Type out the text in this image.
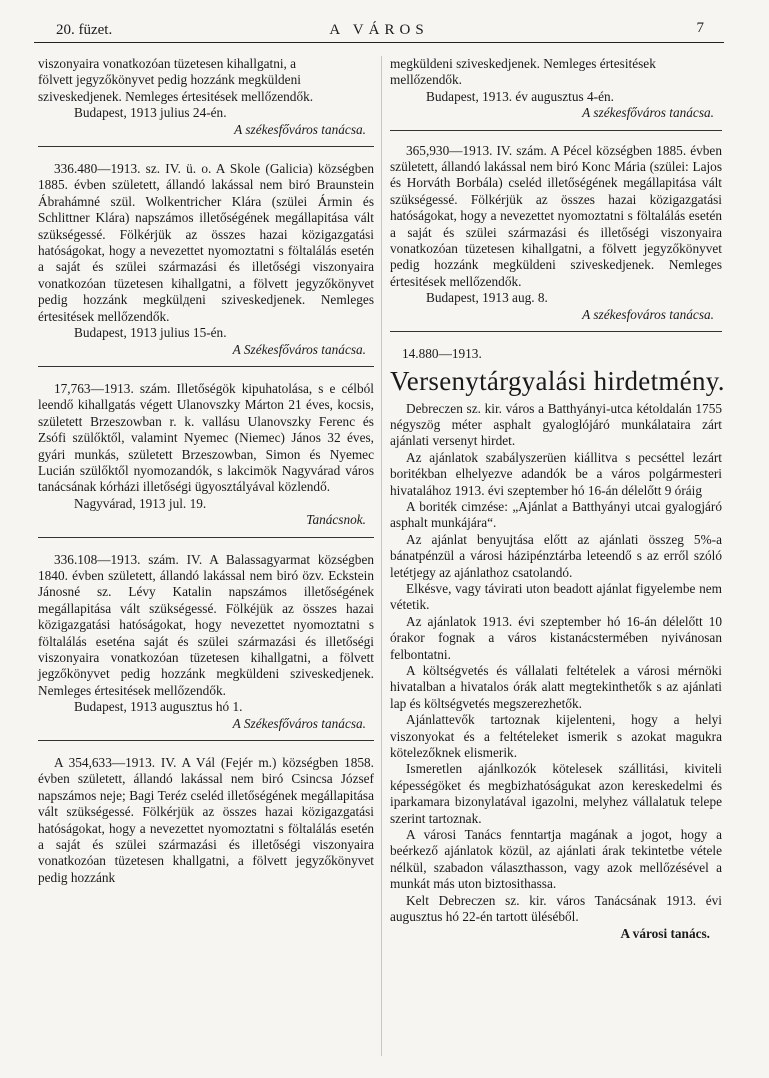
20. füzet.	A VÁROS	7

viszonyaira vonatkozóan tüzetesen kihallgatni, a

fölvett jegyzőkönyvet pedig hozzánk megküldeni

sziveskedjenek. Nemleges értesitések mellőzendők.

Budapest, 1913 julius 24-én.
A székesfőváros tanácsa.

336.480—1913. sz. IV. ü. o. A Skole (Galicia) községben 1885. évben született, állandó lakással nem biró Braunstein Ábrahámné szül. Wolkentricher Klára (szülei Ármin és Schlittner Klára) napszámos illetőségének megállapitása vált szükségessé. Fölkérjük az összes hazai közigazgatási hatóságokat, hogy a nevezettet nyomoztatni s föltalálás esetén a saját és szülei származási és illetőségi viszonyaira vonatkozóan tüzetesen kihallgatni, a fölvett jegyzőkönyvet pedig hozzánk megkülдeni sziveskedjenek. Nemleges értesitések mellőzendők.

Budapest, 1913 julius 15-én.
A Székesfőváros tanácsa.

17,763—1913. szám. Illetőségök kipuhatolása, s e célból leendő kihallgatás végett Ulanovszky Márton 21 éves, kocsis, született Brzeszowban r. k. vallásu Ulanovszky Ferenc és Zsófi szülőktől, valamint Nyemec (Niemec) János 32 éves, gyári munkás, született Brzeszowban, Simon és Nyemec Lucián szülőktől nyomozandók, s lakcimök Nagyvárad város tanácsának kórházi illetőségi ügyosztályával közlendő.

Nagyvárad, 1913 jul. 19.
Tanácsnok.

336.108—1913. szám. IV. A Balassagyarmat községben 1840. évben született, állandó lakással nem biró özv. Eckstein Jánosné sz. Lévy Katalin napszámos illetőségének megállapitása vált szükségessé. Fölkéjük az összes hazai közigazgatási hatóságokat, hogy nevezettet nyomoztatni s föltalálás eseténa saját és szülei származási és illetőségi viszonyaira vonatkozóan tüzetesen kihallgatni, a fölvett jegzőkönyvet pedig hozzánk megküldeni sziveskedjenek. Nemleges értesitések mellőzendők.

Budapest, 1913 augusztus hó 1.
A Székesfőváros tanácsa.

A 354,633—1913. IV. A Vál (Fejér m.) községben 1858. évben született, állandó lakással nem biró Csincsa József napszámos neje; Bagi Teréz cseléd illetőségének megállapitása vált szükségessé. Fölkérjük az összes hazai közigazgatási hatóságokat, hogy a nevezettet nyomoztatni s föltalálás esetén a saját és szülei származási és illetőségi viszonyaira vonatkozóan tüzetesen khallgatni, a fölvett jegyzőkönyvet pedig hozzánk

megküldeni sziveskedjenek. Nemleges értesitések

mellőzendők.

Budapest, 1913. év augusztus 4-én.
A székesfőváros tanácsa.

365,930—1913. IV. szám. A Pécel községben 1885. évben született, állandó lakással nem biró Konc Mária (szülei: Lajos és Horváth Borbála) cseléd illetőségének megállapitása vált szükségessé. Fölkérjük az összes hazai közigazgatási hatóságokat, hogy a nevezettet nyomoztatni s föltalálás esetén a saját és szülei származási és illetőségi viszonyaira vonatkozóan tüzetesen kihallgatni, a fölvett jegyzőkönyvet pedig hozzánk megküldeni sziveskedjenek. Nemleges értesitések mellőzendők.

Budapest, 1913 aug. 8.
A székesfováros tanácsa.
14.880—1913.
Versenytárgyalási hirdetmény.

Debreczen sz. kir. város a Batthyányi-utca kétoldalán 1755 négyszög méter asphalt gyaloglójáró munkálataira zárt ajánlati versenyt hirdet.

Az ajánlatok szabályszerüen kiállitva s pecséttel lezárt boritékban elhelyezve adandók be a város polgármesteri hivatalához 1913. évi szeptember hó 16-án délelőtt 9 óráig

A boriték cimzése: „Ajánlat a Batthyányi utcai gyalogjáró asphalt munkájára“.

Az ajánlat benyujtása előtt az ajánlati összeg 5%-a bánatpénzül a városi házipénztárba leteendő s az erről szóló letétjegy az ajánlathoz csatolandó.

Elkésve, vagy távirati uton beadott ajánlat figyelembe nem vétetik.

Az ajánlatok 1913. évi szeptember hó 16-án délelőtt 10 órakor fognak a város kistanácstermében nyivánosan felbontatni.

A költségvetés és vállalati feltételek a városi mérnöki hivatalban a hivatalos órák alatt megtekinthetők s az ajánlati lap és költségvetés megszerezhetők.

Ajánlattevők tartoznak kijelenteni, hogy a helyi viszonyokat és a feltételeket ismerik s azokat magukra kötelezőknek elismerik.

Ismeretlen ajánlkozók kötelesek szállitási, kiviteli képességöket és megbizhatóságukat azon kereskedelmi és iparkamara bizonylatával igazolni, melyhez vállalatuk telepe szerint tartoznak.

A városi Tanács fenntartja magának a jogot, hogy a beérkező ajánlatok közül, az ajánlati árak tekintetbe vétele nélkül, szabadon választhasson, vagy azok mellőzésével a munkát más uton biztosithassa.

Kelt Debreczen sz. kir. város Tanácsának 1913. évi augusztus hó 22-én tartott üléséből.

A városi tanács.
